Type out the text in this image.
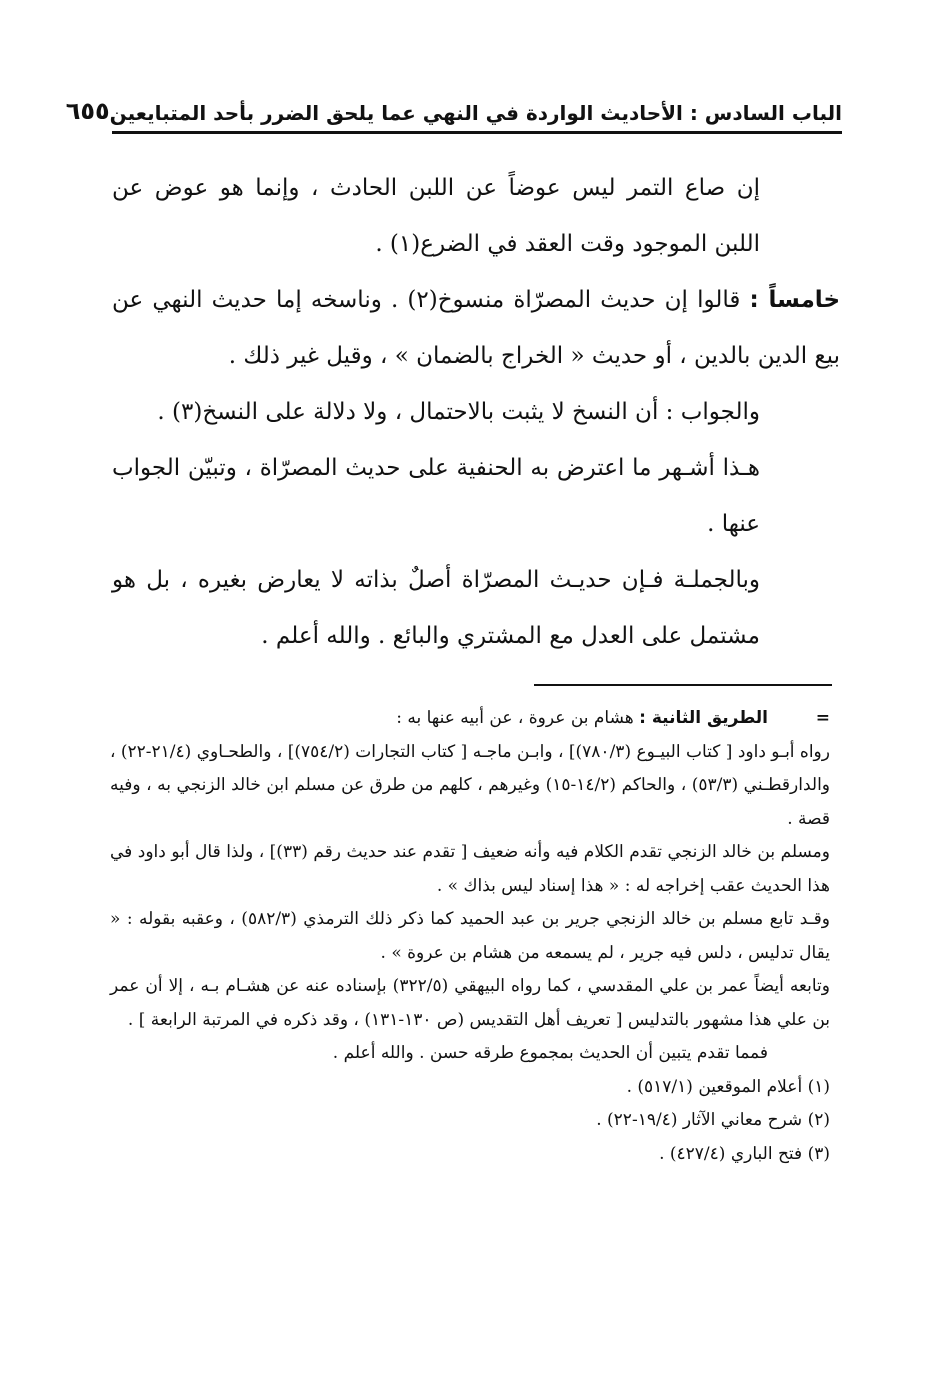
الباب السادس : الأحاديث الواردة في النهي عما يلحق الضرر بأحد المتبايعين
٦٥٥

إن صاع التمر ليس عوضاً عن اللبن الحادث ، وإنما هو عوض عن اللبن الموجود وقت العقد في الضرع(١) .

خامساً : قالوا إن حديث المصرّاة منسوخ(٢) . وناسخه إما حديث النهي عن بيع الدين بالدين ، أو حديث « الخراج بالضمان » ، وقيل غير ذلك .

والجواب : أن النسخ لا يثبت بالاحتمال ، ولا دلالة على النسخ(٣) .

هـذا أشـهر ما اعترض به الحنفية على حديث المصرّاة ، وتبيّن الجواب عنها .

وبالجملـة فـإن حديـث المصرّاة أصلٌ بذاته لا يعارض بغيره ، بل هو مشتمل على العدل مع المشتري والبائع . والله أعلم .

=الطريق الثانية : هشام بن عروة ، عن أبيه عنها به :

رواه أبـو داود [ كتاب البيـوع (٧٨٠/٣)] ، وابـن ماجـه [ كتاب التجارات (٧٥٤/٢)] ، والطحـاوي (٢١/٤-٢٢) ، والدارقطـني (٥٣/٣) ، والحاكم (١٤/٢-١٥) وغيرهم ، كلهم من طرق عن مسلم ابن خالد الزنجي به ، وفيه قصة .

ومسلم بن خالد الزنجي تقدم الكلام فيه وأنه ضعيف [ تقدم عند حديث رقم (٣٣)] ، ولذا قال أبو داود في هذا الحديث عقب إخراجه له : « هذا إسناد ليس بذاك » .

وقـد تابع مسلم بن خالد الزنجي جرير بن عبد الحميد كما ذكر ذلك الترمذي (٥٨٢/٣) ، وعقبه بقوله : « يقال تدليس ، دلس فيه جرير ، لم يسمعه من هشام بن عروة » .

وتابعه أيضاً عمر بن علي المقدسي ، كما رواه البيهقي (٣٢٢/٥) بإسناده عنه عن هشـام بـه ، إلا أن عمر بن علي هذا مشهور بالتدليس [ تعريف أهل التقديس (ص ١٣٠-١٣١) ، وقد ذكره في المرتبة الرابعة ] .

فمما تقدم يتبين أن الحديث بمجموع طرقه حسن . والله أعلم .

(١) أعلام الموقعين (٥١٧/١) .
(٢) شرح معاني الآثار (١٩/٤-٢٢) .
(٣) فتح الباري (٤٢٧/٤) .
